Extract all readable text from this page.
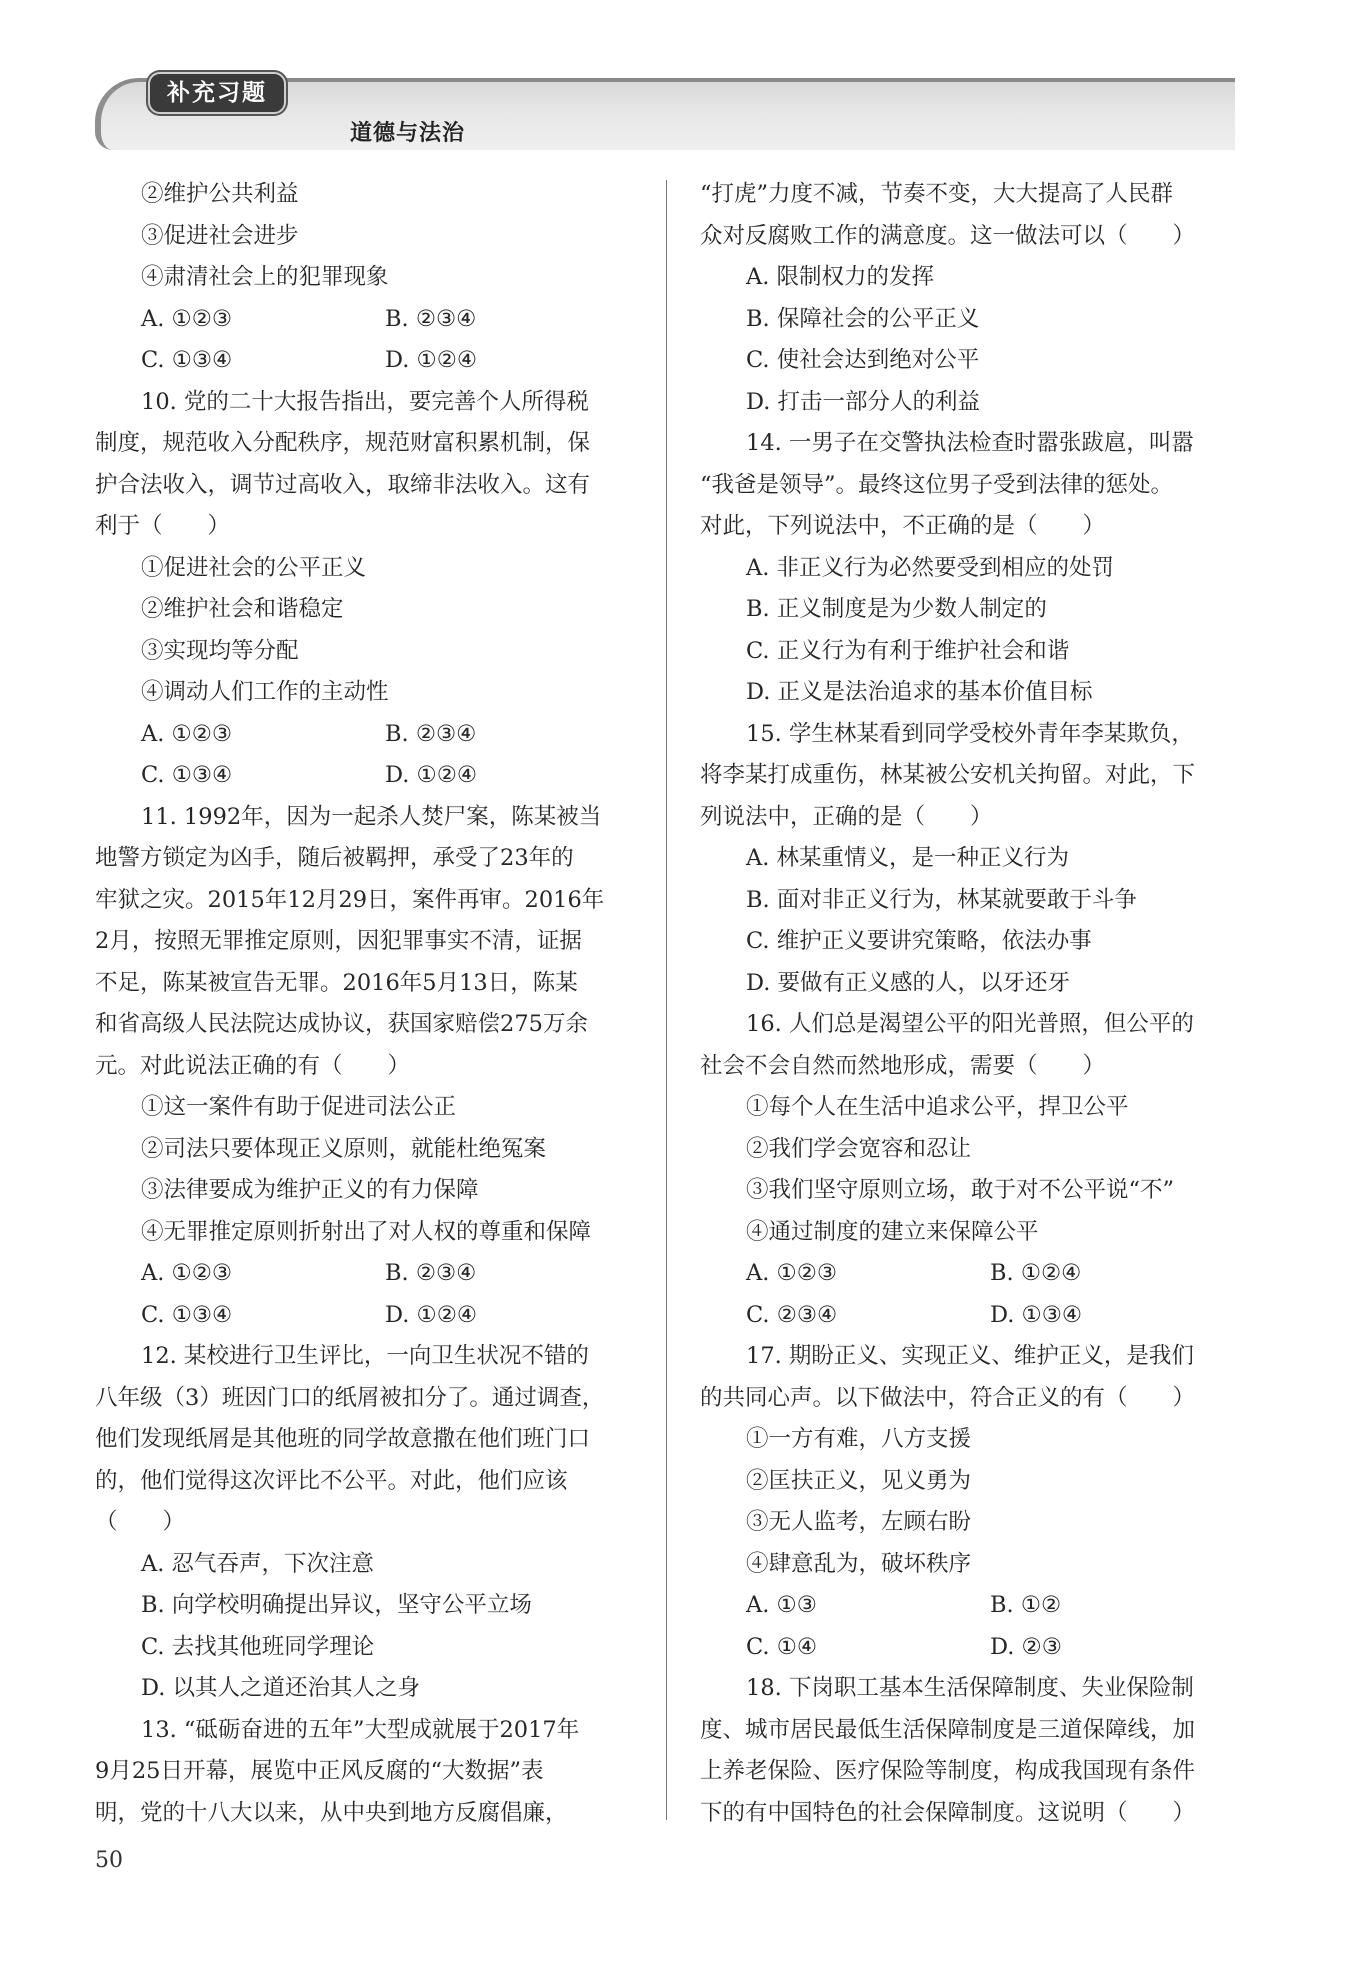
补充习题
道德与法治
②维护公共利益
③促进社会进步
④肃清社会上的犯罪现象
A. ①②③	B. ②③④
C. ①③④	D. ①②④
10. 党的二十大报告指出，要完善个人所得税
制度，规范收入分配秩序，规范财富积累机制，保
护合法收入，调节过高收入，取缔非法收入。这有
利于（　　）
①促进社会的公平正义
②维护社会和谐稳定
③实现均等分配
④调动人们工作的主动性
A. ①②③	B. ②③④
C. ①③④	D. ①②④
11. 1992年，因为一起杀人焚尸案，陈某被当
地警方锁定为凶手，随后被羁押，承受了23年的
牢狱之灾。2015年12月29日，案件再审。2016年
2月，按照无罪推定原则，因犯罪事实不清，证据
不足，陈某被宣告无罪。2016年5月13日，陈某
和省高级人民法院达成协议，获国家赔偿275万余
元。对此说法正确的有（　　）
①这一案件有助于促进司法公正
②司法只要体现正义原则，就能杜绝冤案
③法律要成为维护正义的有力保障
④无罪推定原则折射出了对人权的尊重和保障
A. ①②③	B. ②③④
C. ①③④	D. ①②④
12. 某校进行卫生评比，一向卫生状况不错的
八年级（3）班因门口的纸屑被扣分了。通过调查，
他们发现纸屑是其他班的同学故意撒在他们班门口
的，他们觉得这次评比不公平。对此，他们应该
（　　）
A. 忍气吞声，下次注意
B. 向学校明确提出异议，坚守公平立场
C. 去找其他班同学理论
D. 以其人之道还治其人之身
13. “砥砺奋进的五年”大型成就展于2017年
9月25日开幕，展览中正风反腐的“大数据”表
明，党的十八大以来，从中央到地方反腐倡廉，
“打虎”力度不减，节奏不变，大大提高了人民群
众对反腐败工作的满意度。这一做法可以（　　）
A. 限制权力的发挥
B. 保障社会的公平正义
C. 使社会达到绝对公平
D. 打击一部分人的利益
14. 一男子在交警执法检查时嚣张跋扈，叫嚣
“我爸是领导”。最终这位男子受到法律的惩处。
对此，下列说法中，不正确的是（　　）
A. 非正义行为必然要受到相应的处罚
B. 正义制度是为少数人制定的
C. 正义行为有利于维护社会和谐
D. 正义是法治追求的基本价值目标
15. 学生林某看到同学受校外青年李某欺负，
将李某打成重伤，林某被公安机关拘留。对此，下
列说法中，正确的是（　　）
A. 林某重情义，是一种正义行为
B. 面对非正义行为，林某就要敢于斗争
C. 维护正义要讲究策略，依法办事
D. 要做有正义感的人，以牙还牙
16. 人们总是渴望公平的阳光普照，但公平的
社会不会自然而然地形成，需要（　　）
①每个人在生活中追求公平，捍卫公平
②我们学会宽容和忍让
③我们坚守原则立场，敢于对不公平说“不”
④通过制度的建立来保障公平
A. ①②③	B. ①②④
C. ②③④	D. ①③④
17. 期盼正义、实现正义、维护正义，是我们
的共同心声。以下做法中，符合正义的有（　　）
①一方有难，八方支援
②匡扶正义，见义勇为
③无人监考，左顾右盼
④肆意乱为，破坏秩序
A. ①③	B. ①②
C. ①④	D. ②③
18. 下岗职工基本生活保障制度、失业保险制
度、城市居民最低生活保障制度是三道保障线，加
上养老保险、医疗保险等制度，构成我国现有条件
下的有中国特色的社会保障制度。这说明（　　）
50
